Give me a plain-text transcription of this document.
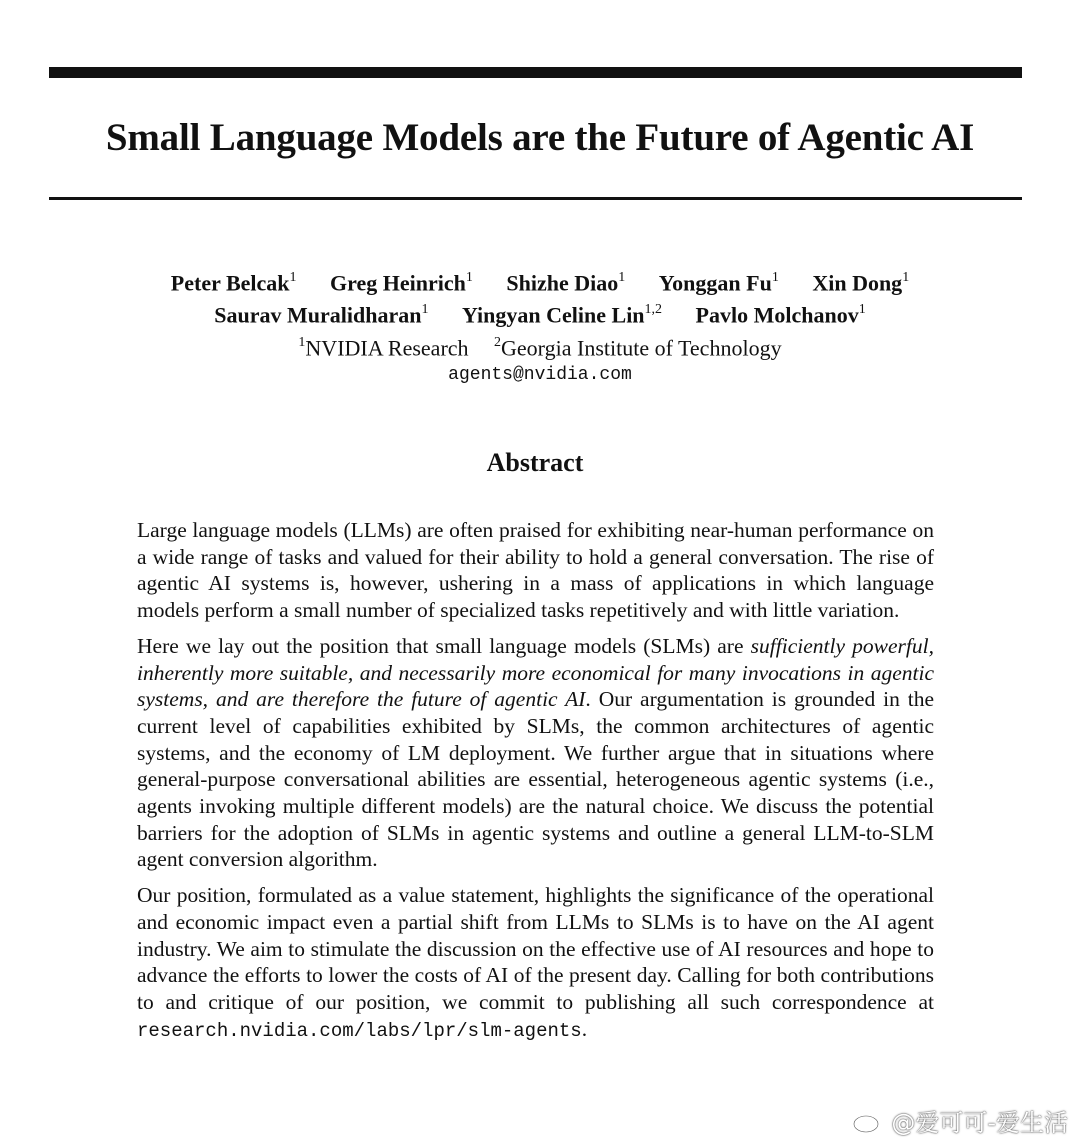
Small Language Models are the Future of Agentic AI
Peter Belcak$^1$ Greg Heinrich$^1$ Shizhe Diao$^1$ Yonggan Fu$^1$ Xin Dong$^1$
Saurav Muralidharan$^1$ Yingyan Celine Lin$^{1,2}$ Pavlo Molchanov$^1$
$^1$NVIDIA Research $^2$Georgia Institute of Technology
agents@nvidia.com
Abstract

Large language models (LLMs) are often praised for exhibiting near-human performance on a wide range of tasks and valued for their ability to hold a general conversation. The rise of agentic AI systems is, however, ushering in a mass of applications in which language models perform a small number of specialized tasks repetitively and with little variation.

Here we lay out the position that small language models (SLMs) are sufficiently powerful, inherently more suitable, and necessarily more economical for many invocations in agentic systems, and are therefore the future of agentic AI. Our argumentation is grounded in the current level of capabilities exhibited by SLMs, the common architectures of agentic systems, and the economy of LM deployment. We further argue that in situations where general-purpose conversational abilities are essential, heterogeneous agentic systems (i.e., agents invoking multiple different models) are the natural choice. We discuss the potential barriers for the adoption of SLMs in agentic systems and outline a general LLM-to-SLM agent conversion algorithm.

Our position, formulated as a value statement, highlights the significance of the operational and economic impact even a partial shift from LLMs to SLMs is to have on the AI agent industry. We aim to stimulate the discussion on the effective use of AI resources and hope to advance the efforts to lower the costs of AI of the present day. Calling for both contributions to and critique of our position, we commit to publishing all such correspondence at research.nvidia.com/labs/lpr/slm-agents.

@爱可可-爱生活
